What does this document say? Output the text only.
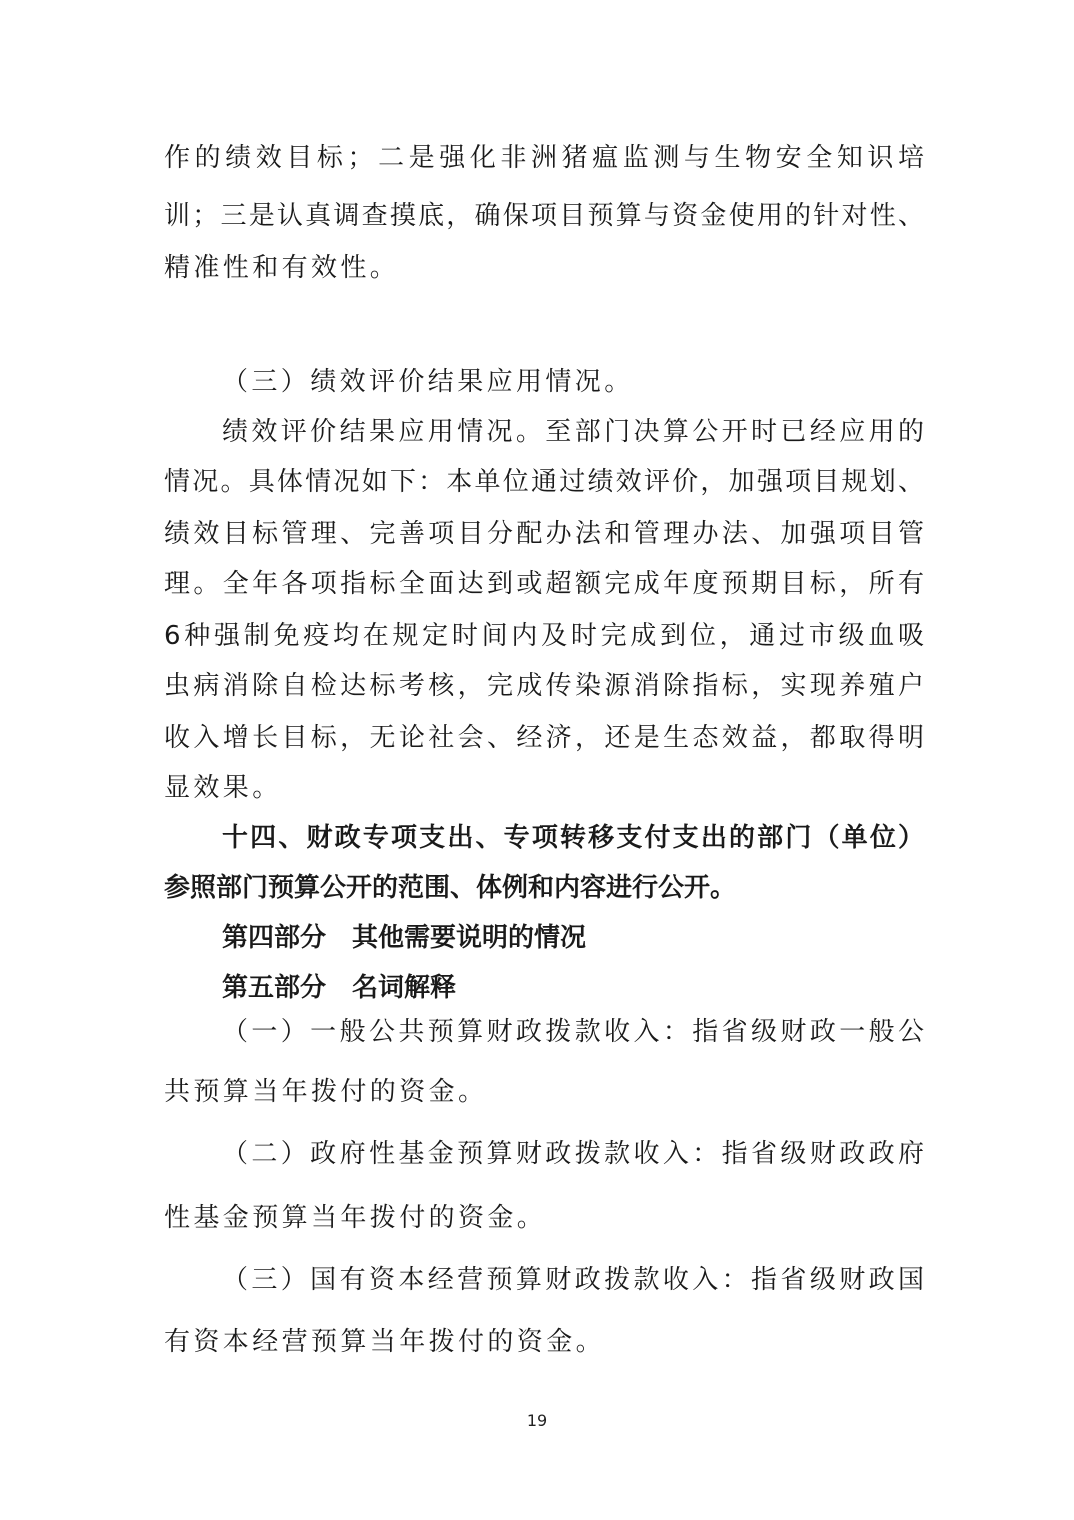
作的绩效目标；二是强化非洲猪瘟监测与生物安全知识培
训；三是认真调查摸底，确保项目预算与资金使用的针对性、
精准性和有效性。
（三）绩效评价结果应用情况。
绩效评价结果应用情况。至部门决算公开时已经应用的
情况。具体情况如下：本单位通过绩效评价，加强项目规划、
绩效目标管理、完善项目分配办法和管理办法、加强项目管
理。全年各项指标全面达到或超额完成年度预期目标，所有
6种强制免疫均在规定时间内及时完成到位，通过市级血吸
虫病消除自检达标考核，完成传染源消除指标，实现养殖户
收入增长目标，无论社会、经济，还是生态效益，都取得明
显效果。
十四、财政专项支出、专项转移支付支出的部门（单位）
参照部门预算公开的范围、体例和内容进行公开。
第四部分　其他需要说明的情况
第五部分　名词解释
（一）一般公共预算财政拨款收入：指省级财政一般公
共预算当年拨付的资金。
（二）政府性基金预算财政拨款收入：指省级财政政府
性基金预算当年拨付的资金。
（三）国有资本经营预算财政拨款收入：指省级财政国
有资本经营预算当年拨付的资金。
19
